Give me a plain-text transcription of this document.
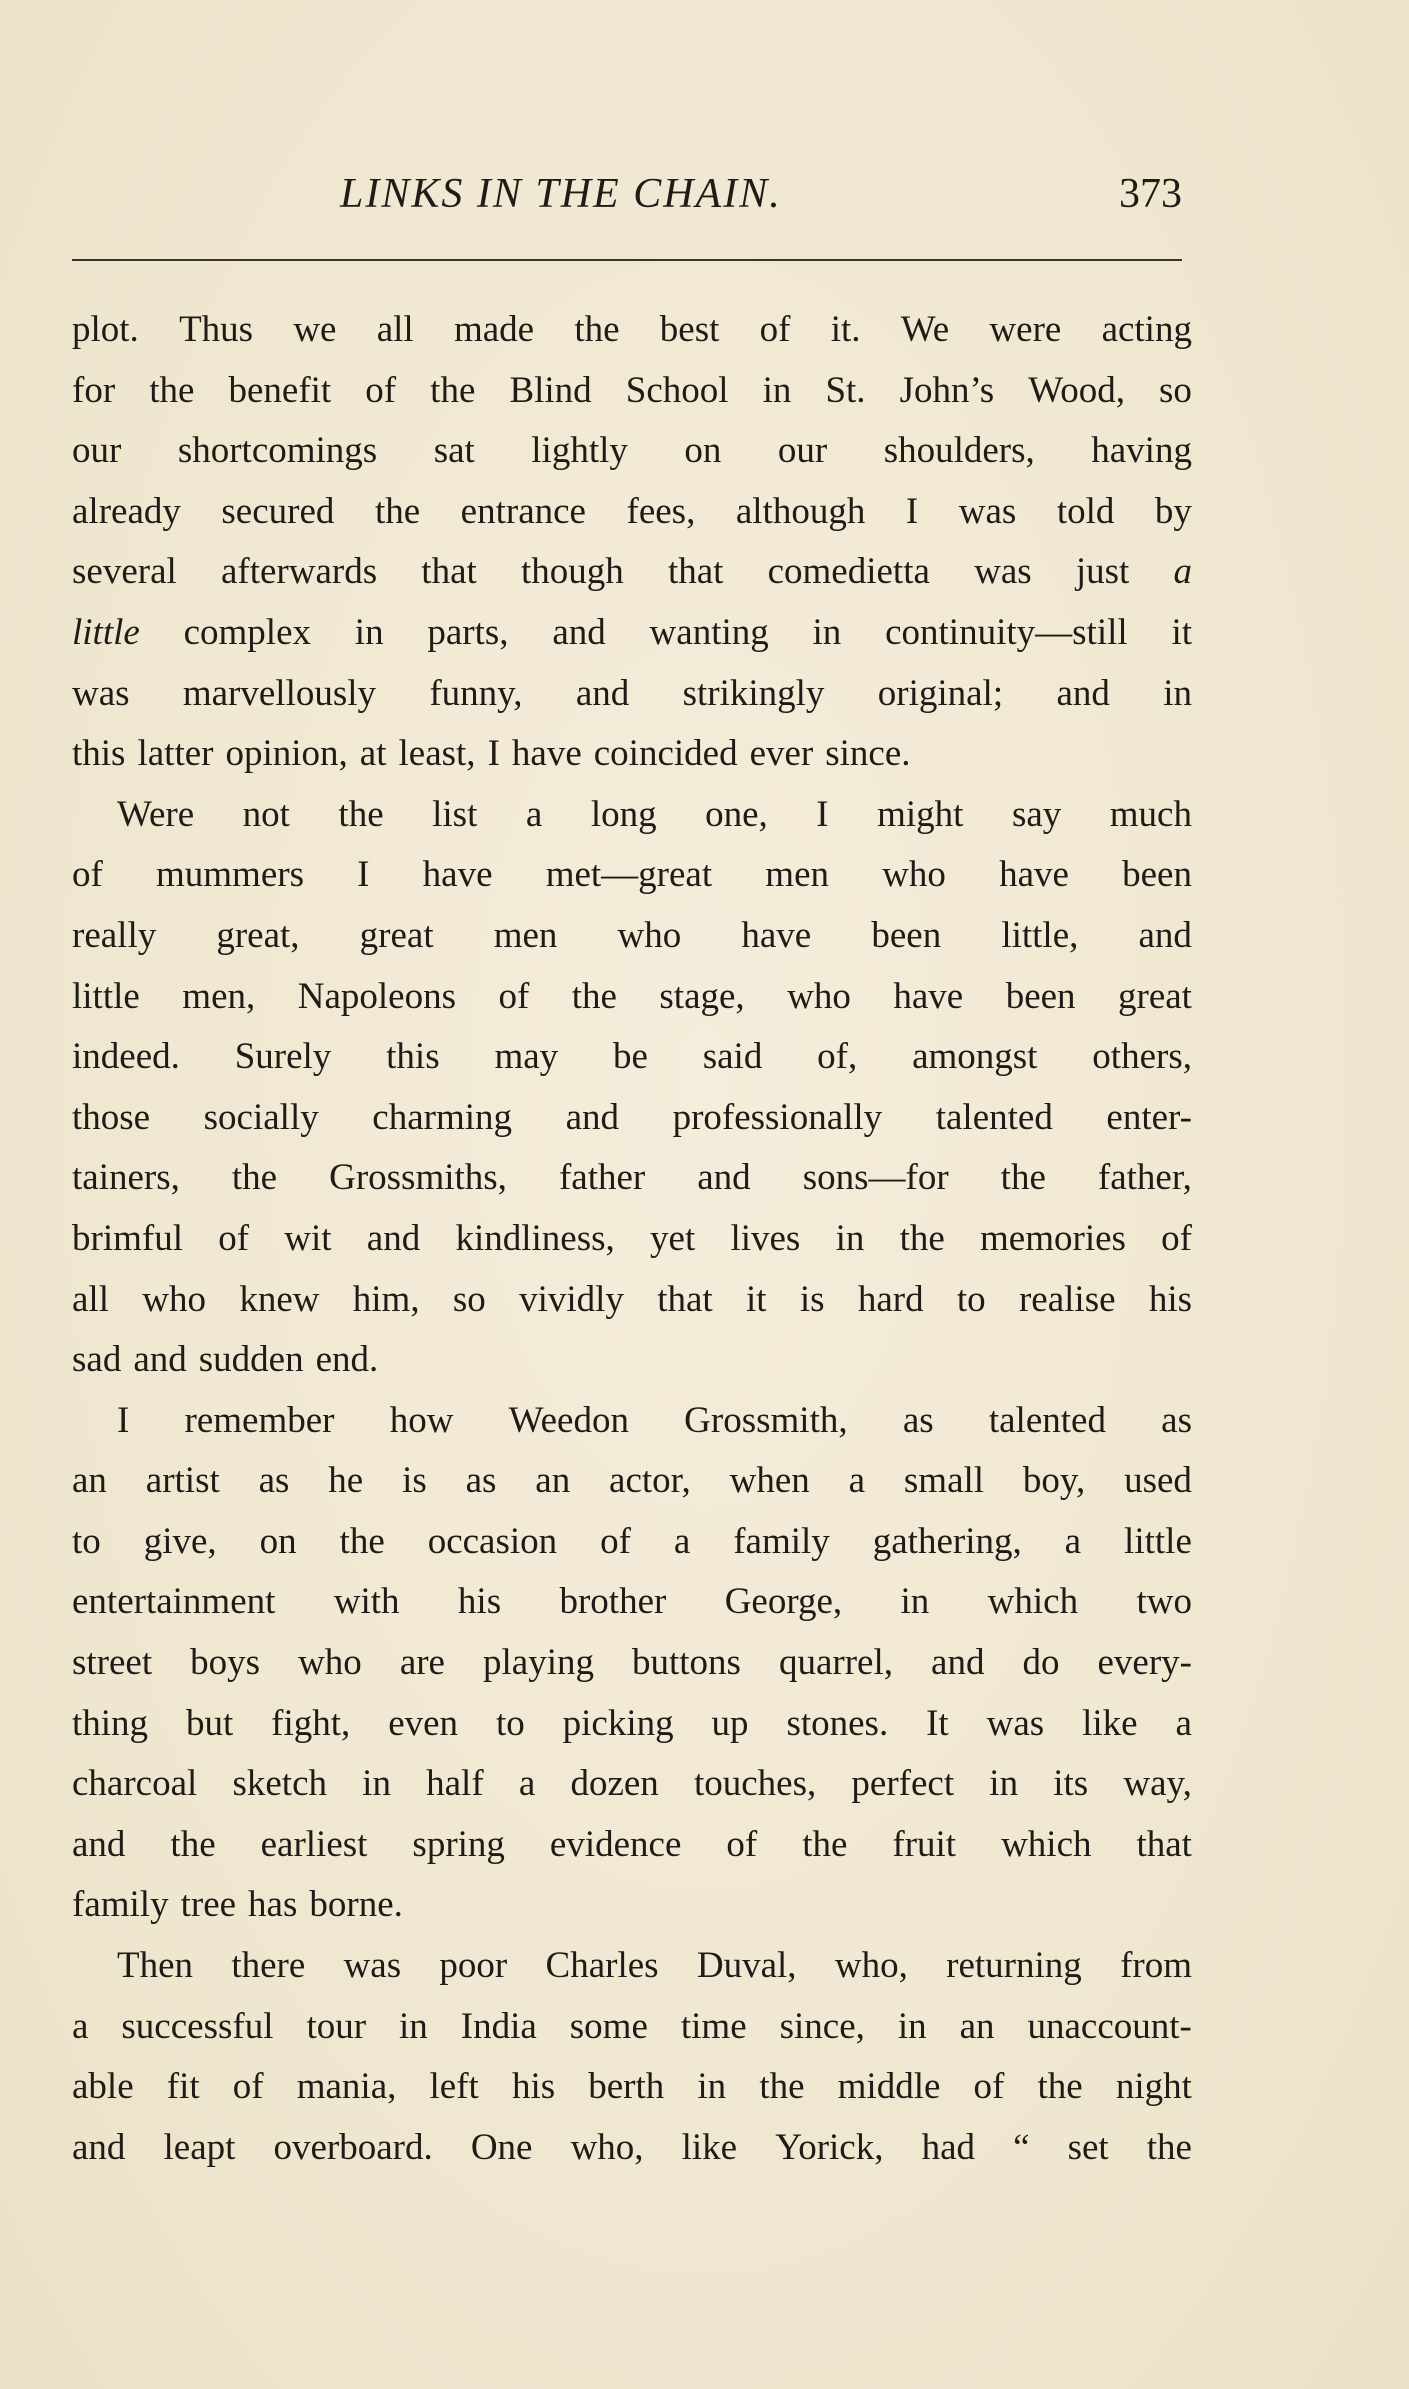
LINKS IN THE CHAIN.	373
plot. Thus we all made the best of it. We were acting
for the benefit of the Blind School in St. John’s Wood, so
our shortcomings sat lightly on our shoulders, having
already secured the entrance fees, although I was told by
several afterwards that though that comedietta was just a
little complex in parts, and wanting in continuity—still it
was marvellously funny, and strikingly original; and in
this latter opinion, at least, I have coincided ever since.
Were not the list a long one, I might say much
of mummers I have met—great men who have been
really great, great men who have been little, and
little men, Napoleons of the stage, who have been great
indeed. Surely this may be said of, amongst others,
those socially charming and professionally talented enter-
tainers, the Grossmiths, father and sons—for the father,
brimful of wit and kindliness, yet lives in the memories of
all who knew him, so vividly that it is hard to realise his
sad and sudden end.
I remember how Weedon Grossmith, as talented as
an artist as he is as an actor, when a small boy, used
to give, on the occasion of a family gathering, a little
entertainment with his brother George, in which two
street boys who are playing buttons quarrel, and do every-
thing but fight, even to picking up stones. It was like a
charcoal sketch in half a dozen touches, perfect in its way,
and the earliest spring evidence of the fruit which that
family tree has borne.
Then there was poor Charles Duval, who, returning from
a successful tour in India some time since, in an unaccount-
able fit of mania, left his berth in the middle of the night
and leapt overboard. One who, like Yorick, had “ set the
